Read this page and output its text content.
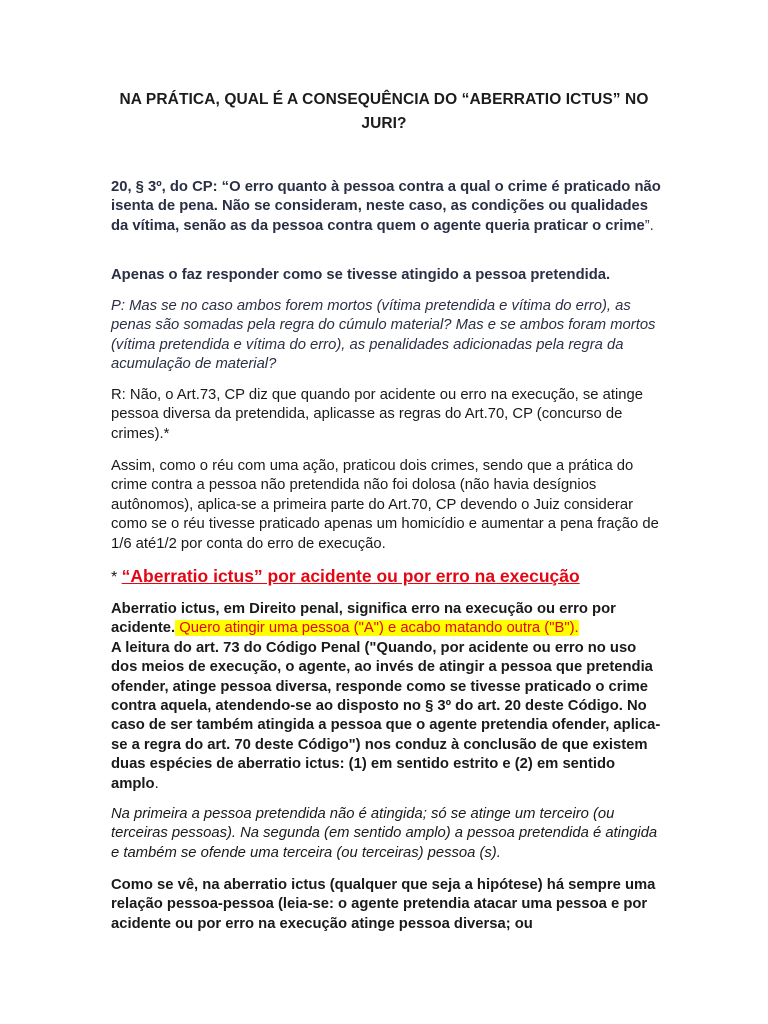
NA PRÁTICA, QUAL É A CONSEQUÊNCIA DO “ABERRATIO ICTUS” NO JURI?
20, § 3º, do CP: “O erro quanto à pessoa contra a qual o crime é praticado não isenta de pena. Não se consideram, neste caso, as condições ou qualidades da vítima, senão as da pessoa contra quem o agente queria praticar o crime”.
Apenas o faz responder como se tivesse atingido a pessoa pretendida.
P: Mas se no caso ambos forem mortos (vítima pretendida e vítima do erro), as penas são somadas pela regra do cúmulo material? Mas e se ambos foram mortos (vítima pretendida e vítima do erro), as penalidades adicionadas pela regra da acumulação de material?
R: Não, o Art.73, CP diz que quando por acidente ou erro na execução, se atinge pessoa diversa da pretendida, aplicasse as regras do Art.70, CP (concurso de crimes).*
Assim, como o réu com uma ação, praticou dois crimes, sendo que a prática do crime contra a pessoa não pretendida não foi dolosa (não havia desígnios autônomos), aplica-se a primeira parte do Art.70, CP devendo o Juiz considerar como se o réu tivesse praticado apenas um homicídio e aumentar a pena fração de 1/6 até1/2 por conta do erro de execução.
* “Aberratio ictus” por acidente ou por erro na execução
Aberratio ictus, em Direito penal, significa erro na execução ou erro por acidente. Quero atingir uma pessoa ("A") e acabo matando outra ("B").
A leitura do art. 73 do Código Penal ("Quando, por acidente ou erro no uso dos meios de execução, o agente, ao invés de atingir a pessoa que pretendia ofender, atinge pessoa diversa, responde como se tivesse praticado o crime contra aquela, atendendo-se ao disposto no § 3º do art. 20 deste Código. No caso de ser também atingida a pessoa que o agente pretendia ofender, aplica-se a regra do art. 70 deste Código") nos conduz à conclusão de que existem duas espécies de aberratio ictus: (1) em sentido estrito e (2) em sentido amplo.
Na primeira a pessoa pretendida não é atingida; só se atinge um terceiro (ou terceiras pessoas). Na segunda (em sentido amplo) a pessoa pretendida é atingida e também se ofende uma terceira (ou terceiras) pessoa (s).
Como se vê, na aberratio ictus (qualquer que seja a hipótese) há sempre uma relação pessoa-pessoa (leia-se: o agente pretendia atacar uma pessoa e por acidente ou por erro na execução atinge pessoa diversa; ou
